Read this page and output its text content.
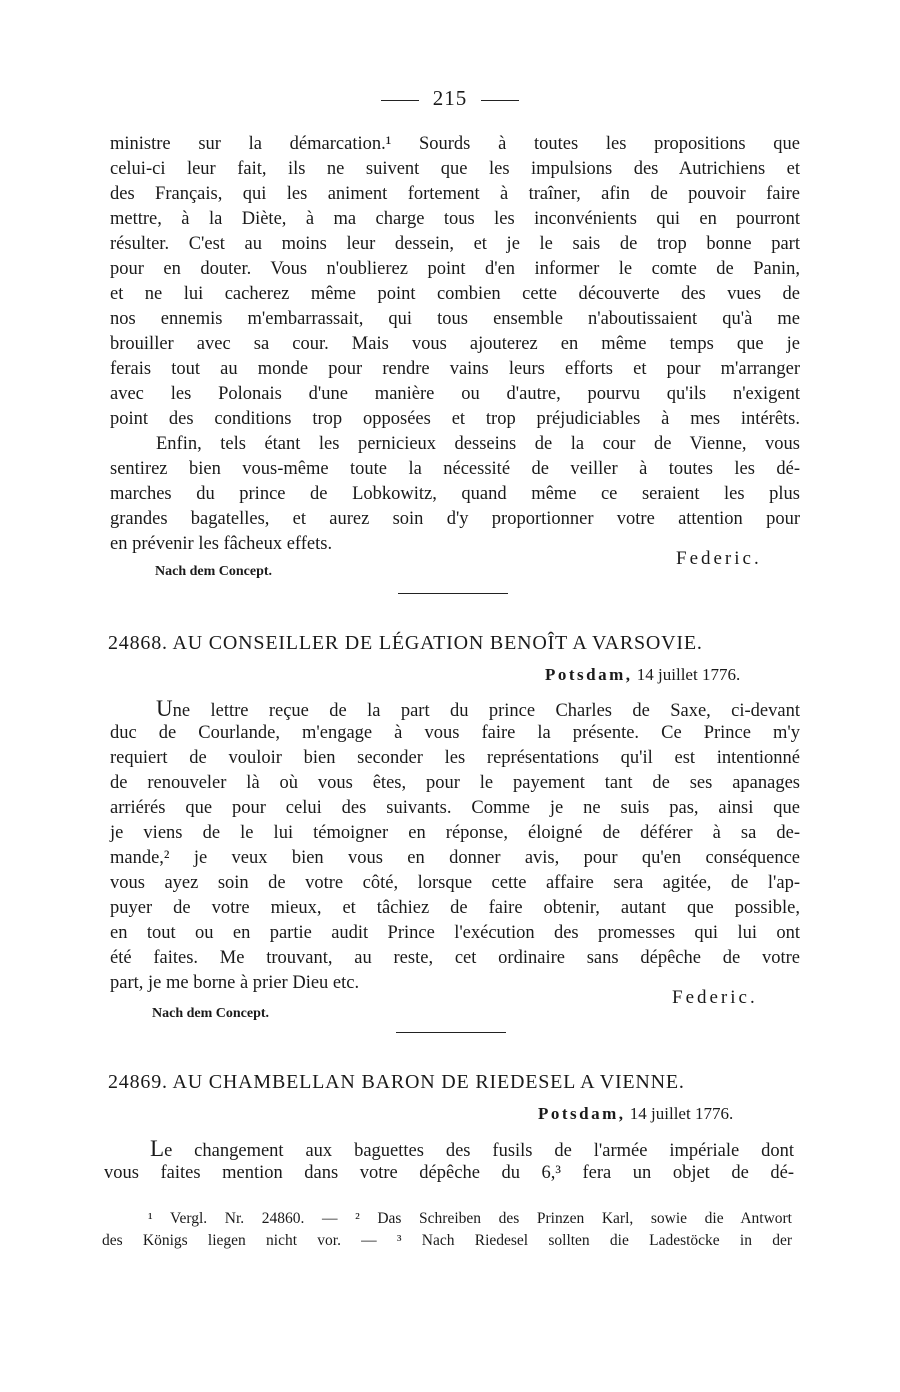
215
ministre sur la démarcation.¹ Sourds à toutes les propositions que
celui-ci leur fait, ils ne suivent que les impulsions des Autrichiens et
des Français, qui les animent fortement à traîner, afin de pouvoir faire
mettre, à la Diète, à ma charge tous les inconvénients qui en pourront
résulter. C'est au moins leur dessein, et je le sais de trop bonne part
pour en douter. Vous n'oublierez point d'en informer le comte de Panin,
et ne lui cacherez même point combien cette découverte des vues de
nos ennemis m'embarrassait, qui tous ensemble n'aboutissaient qu'à me
brouiller avec sa cour. Mais vous ajouterez en même temps que je
ferais tout au monde pour rendre vains leurs efforts et pour m'arranger
avec les Polonais d'une manière ou d'autre, pourvu qu'ils n'exigent
point des conditions trop opposées et trop préjudiciables à mes intérêts.
Enfin, tels étant les pernicieux desseins de la cour de Vienne, vous
sentirez bien vous-même toute la nécessité de veiller à toutes les dé-
marches du prince de Lobkowitz, quand même ce seraient les plus
grandes bagatelles, et aurez soin d'y proportionner votre attention pour
en prévenir les fâcheux effets.
Federic.
Nach dem Concept.
24868. AU CONSEILLER DE LÉGATION BENOÎT A VARSOVIE.
Potsdam, 14 juillet 1776.
Une lettre reçue de la part du prince Charles de Saxe, ci-devant
duc de Courlande, m'engage à vous faire la présente. Ce Prince m'y
requiert de vouloir bien seconder les représentations qu'il est intentionné
de renouveler là où vous êtes, pour le payement tant de ses apanages
arriérés que pour celui des suivants. Comme je ne suis pas, ainsi que
je viens de le lui témoigner en réponse, éloigné de déférer à sa de-
mande,² je veux bien vous en donner avis, pour qu'en conséquence
vous ayez soin de votre côté, lorsque cette affaire sera agitée, de l'ap-
puyer de votre mieux, et tâchiez de faire obtenir, autant que possible,
en tout ou en partie audit Prince l'exécution des promesses qui lui ont
été faites. Me trouvant, au reste, cet ordinaire sans dépêche de votre
part, je me borne à prier Dieu etc.
Federic.
Nach dem Concept.
24869. AU CHAMBELLAN BARON DE RIEDESEL A VIENNE.
Potsdam, 14 juillet 1776.
Le changement aux baguettes des fusils de l'armée impériale dont
vous faites mention dans votre dépêche du 6,³ fera un objet de dé-
¹ Vergl. Nr. 24860. — ² Das Schreiben des Prinzen Karl, sowie die Antwort
des Königs liegen nicht vor. — ³ Nach Riedesel sollten die Ladestöcke in der
